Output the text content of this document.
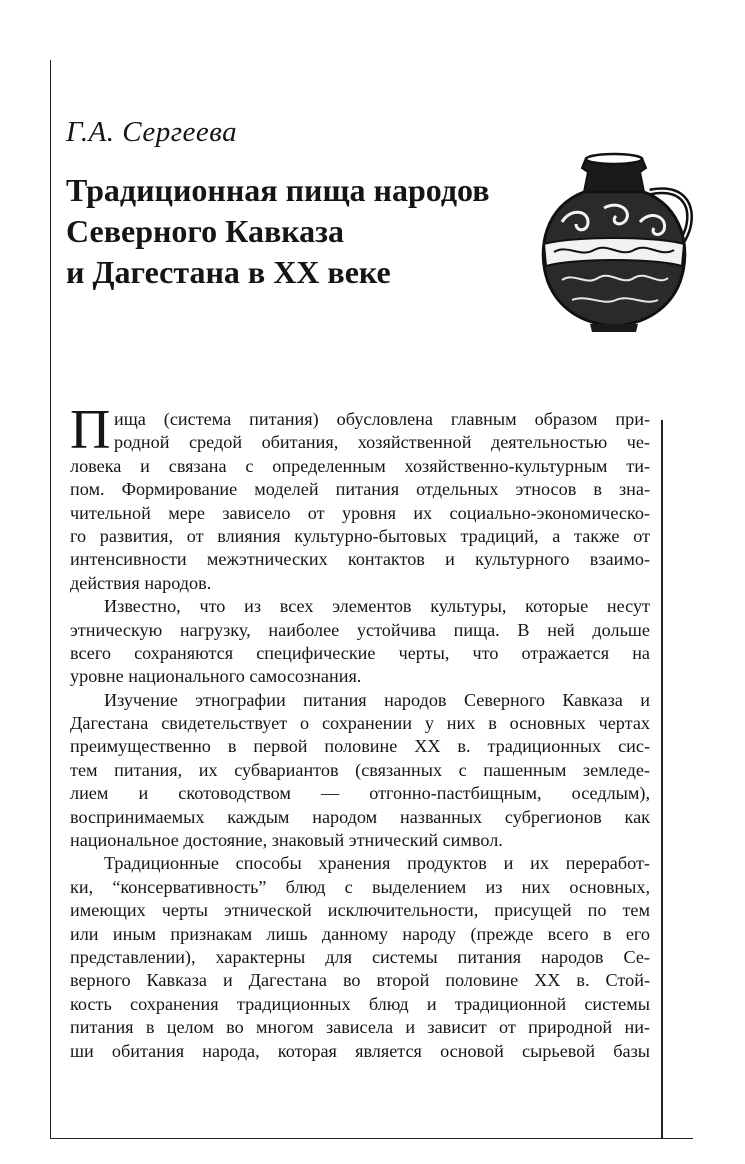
Г.А. Сергеева
Традиционная пища народов
Северного Кавказа
и Дагестана в XX веке
П ища (система питания) обусловлена главным образом при-
родной средой обитания, хозяйственной деятельностью че-
ловека и связана с определенным хозяйственно-культурным ти-
пом. Формирование моделей питания отдельных этносов в зна-
чительной мере зависело от уровня их социально-экономическо-
го развития, от влияния культурно-бытовых традиций, а также от
интенсивности межэтнических контактов и культурного взаимо-
действия народов.
Известно, что из всех элементов культуры, которые несут
этническую нагрузку, наиболее устойчива пища. В ней дольше
всего сохраняются специфические черты, что отражается на
уровне национального самосознания.
Изучение этнографии питания народов Северного Кавказа и
Дагестана свидетельствует о сохранении у них в основных чертах
преимущественно в первой половине XX в. традиционных сис-
тем питания, их субвариантов (связанных с пашенным земледе-
лием и скотоводством — отгонно-пастбищным, оседлым),
воспринимаемых каждым народом названных субрегионов как
национальное достояние, знаковый этнический символ.
Традиционные способы хранения продуктов и их переработ-
ки, “консервативность” блюд с выделением из них основных,
имеющих черты этнической исключительности, присущей по тем
или иным признакам лишь данному народу (прежде всего в его
представлении), характерны для системы питания народов Се-
верного Кавказа и Дагестана во второй половине XX в. Стой-
кость сохранения традиционных блюд и традиционной системы
питания в целом во многом зависела и зависит от природной ни-
ши обитания народа, которая является основой сырьевой базы
